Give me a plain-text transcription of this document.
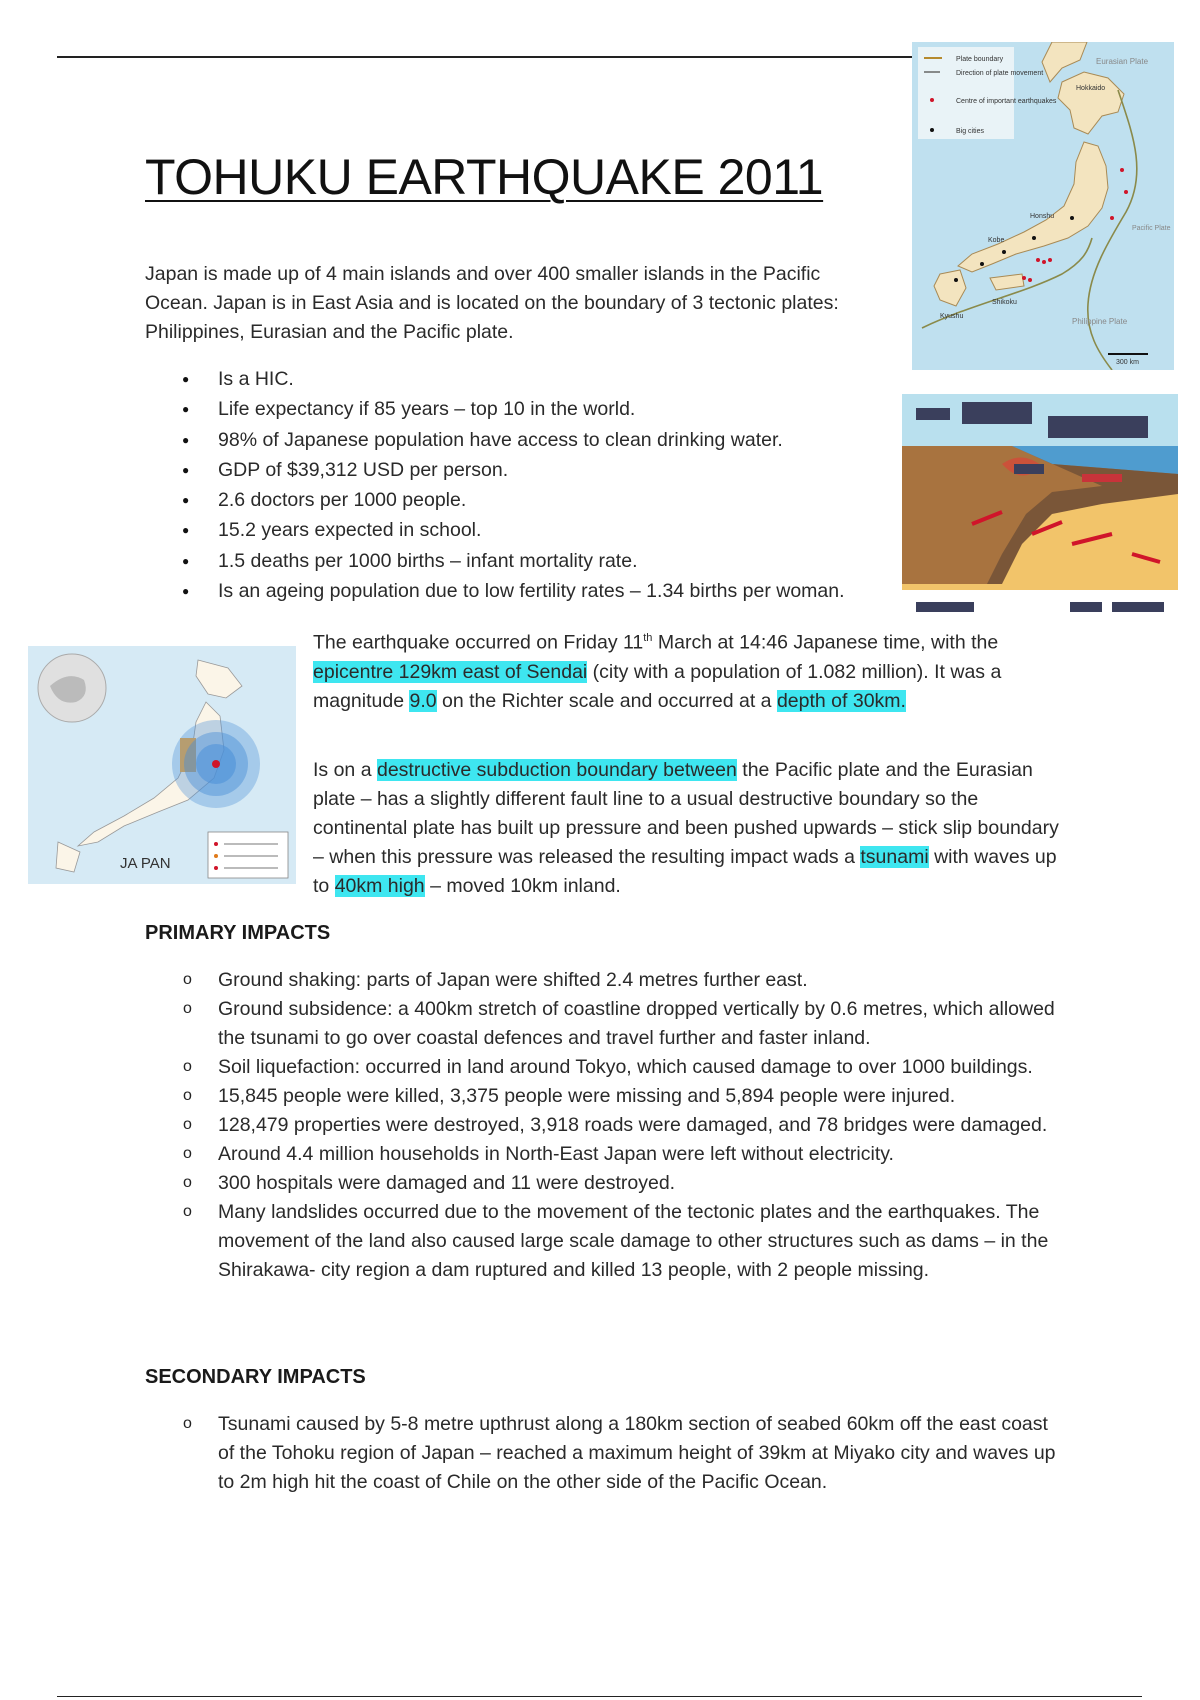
TOHUKU EARTHQUAKE 2011

Japan is made up of 4 main islands and over 400 smaller islands in the Pacific Ocean. Japan is in East Asia and is located on the boundary of 3 tectonic plates: Philippines, Eurasian and the Pacific plate.

● Is a HIC.
● Life expectancy if 85 years – top 10 in the world.
● 98% of Japanese population have access to clean drinking water.
● GDP of $39,312 USD per person.
● 2.6 doctors per 1000 people.
● 15.2 years expected in school.
● 1.5 deaths per 1000 births – infant mortality rate.
● Is an ageing population due to low fertility rates – 1.34 births per woman.

The earthquake occurred on Friday 11th March at 14:46 Japanese time, with the epicentre 129km east of Sendai (city with a population of 1.082 million). It was a magnitude 9.0 on the Richter scale and occurred at a depth of 30km.

Is on a destructive subduction boundary between the Pacific plate and the Eurasian plate – has a slightly different fault line to a usual destructive boundary so the continental plate has built up pressure and been pushed upwards – stick slip boundary – when this pressure was released the resulting impact wads a tsunami with waves up to 40km high – moved 10km inland.

PRIMARY IMPACTS
o Ground shaking: parts of Japan were shifted 2.4 metres further east.
o Ground subsidence: a 400km stretch of coastline dropped vertically by 0.6 metres, which allowed the tsunami to go over coastal defences and travel further and faster inland.
o Soil liquefaction: occurred in land around Tokyo, which caused damage to over 1000 buildings.
o 15,845 people were killed, 3,375 people were missing and 5,894 people were injured.
o 128,479 properties were destroyed, 3,918 roads were damaged, and 78 bridges were damaged.
o Around 4.4 million households in North-East Japan were left without electricity.
o 300 hospitals were damaged and 11 were destroyed.
o Many landslides occurred due to the movement of the tectonic plates and the earthquakes. The movement of the land also caused large scale damage to other structures such as dams – in the Shirakawa- city region a dam ruptured and killed 13 people, with 2 people missing.
SECONDARY IMPACTS
o Tsunami caused by 5-8 metre upthrust along a 180km section of seabed 60km off the east coast of the Tohoku region of Japan – reached a maximum height of 39km at Miyako city and waves up to 2m high hit the coast of Chile on the other side of the Pacific Ocean.
Plate boundary
Direction of plate movement
Centre of important earthquakes
Big cities
Eurasian Plate
Hokkaido
Honshu
Kobe
Kyushu
Shikoku
Pacific Plate
Philippine Plate
300 km
JA PAN
